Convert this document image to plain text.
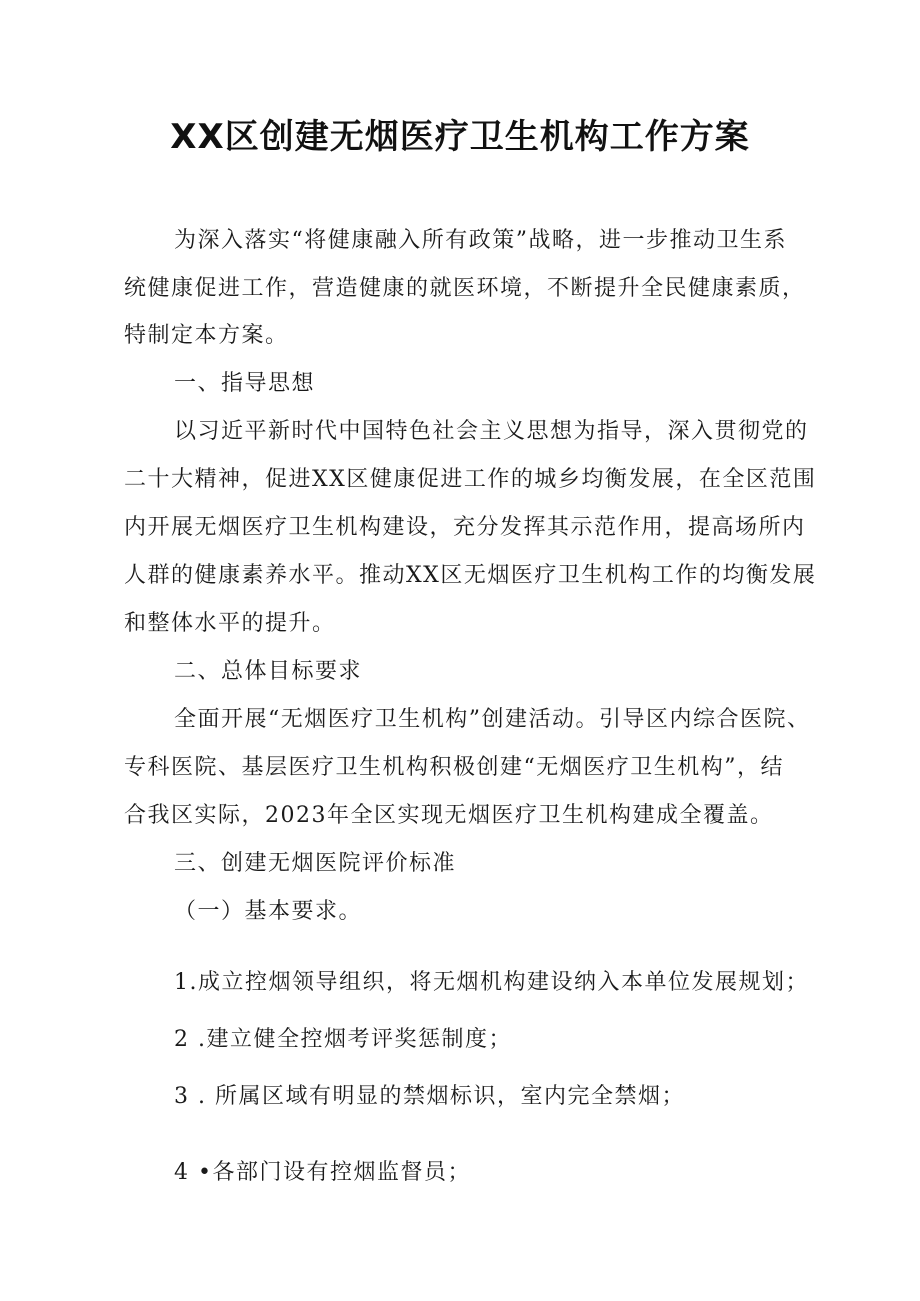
XX区创建无烟医疗卫生机构工作方案
为深入落实“将健康融入所有政策”战略，进一步推动卫生系
统健康促进工作，营造健康的就医环境，不断提升全民健康素质，
特制定本方案。
一、指导思想
以习近平新时代中国特色社会主义思想为指导，深入贯彻党的
二十大精神，促进XX区健康促进工作的城乡均衡发展，在全区范围
内开展无烟医疗卫生机构建设，充分发挥其示范作用，提高场所内
人群的健康素养水平。推动XX区无烟医疗卫生机构工作的均衡发展
和整体水平的提升。
二、总体目标要求
全面开展“无烟医疗卫生机构”创建活动。引导区内综合医院、
专科医院、基层医疗卫生机构积极创建“无烟医疗卫生机构”，结
合我区实际，2023年全区实现无烟医疗卫生机构建成全覆盖。
三、创建无烟医院评价标准
（一）基本要求。
1.成立控烟领导组织，将无烟机构建设纳入本单位发展规划；
2 .建立健全控烟考评奖惩制度；
3 . 所属区域有明显的禁烟标识，室内完全禁烟；
4 •各部门设有控烟监督员；
